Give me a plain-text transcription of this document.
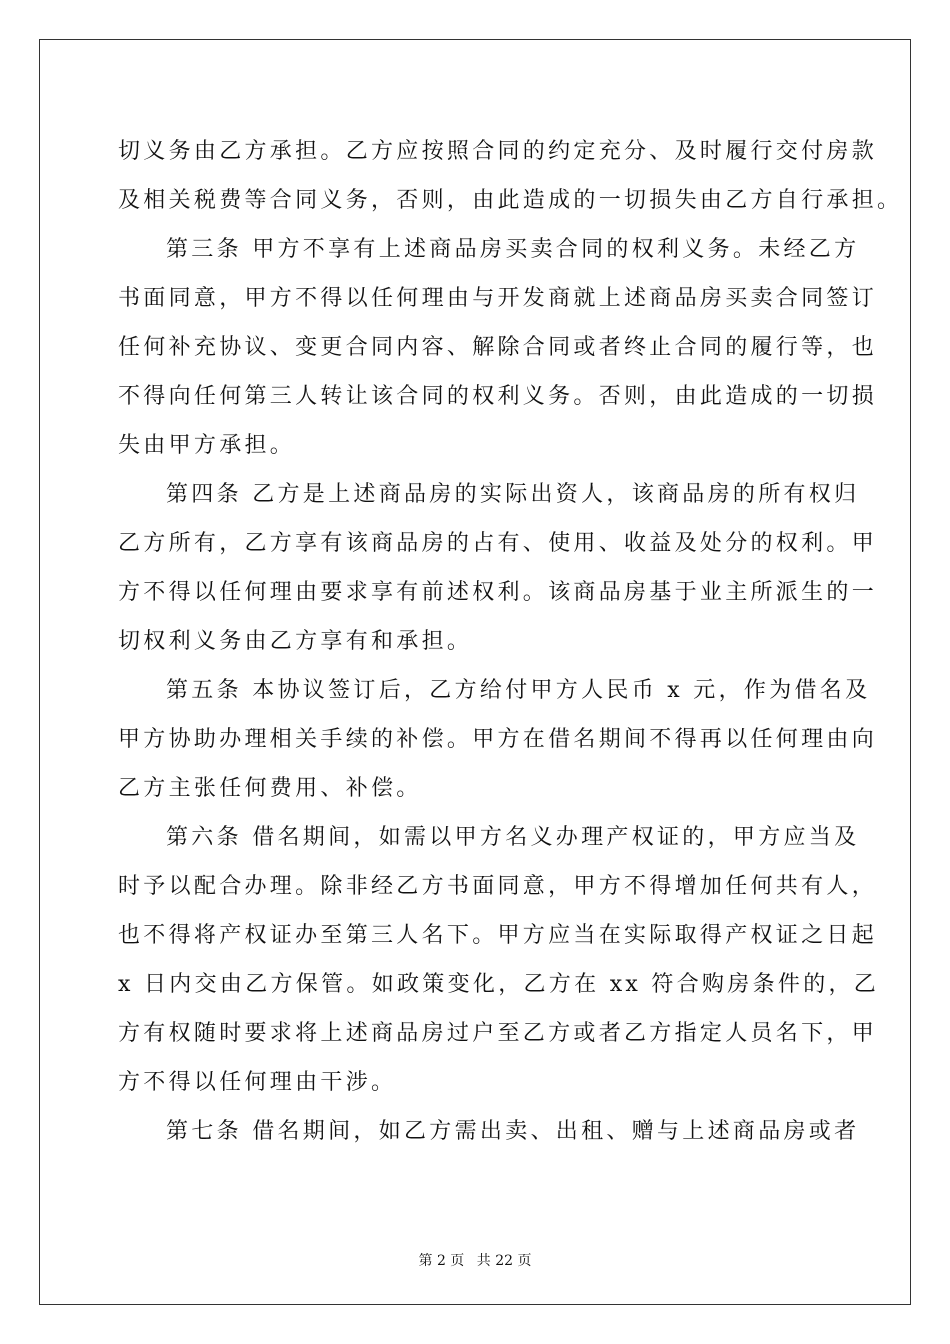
切义务由乙方承担。乙方应按照合同的约定充分、及时履行交付房款
及相关税费等合同义务，否则，由此造成的一切损失由乙方自行承担。
第三条 甲方不享有上述商品房买卖合同的权利义务。未经乙方
书面同意，甲方不得以任何理由与开发商就上述商品房买卖合同签订
任何补充协议、变更合同内容、解除合同或者终止合同的履行等，也
不得向任何第三人转让该合同的权利义务。否则，由此造成的一切损
失由甲方承担。
第四条 乙方是上述商品房的实际出资人，该商品房的所有权归
乙方所有，乙方享有该商品房的占有、使用、收益及处分的权利。甲
方不得以任何理由要求享有前述权利。该商品房基于业主所派生的一
切权利义务由乙方享有和承担。
第五条 本协议签订后，乙方给付甲方人民币 x 元，作为借名及
甲方协助办理相关手续的补偿。甲方在借名期间不得再以任何理由向
乙方主张任何费用、补偿。
第六条 借名期间，如需以甲方名义办理产权证的，甲方应当及
时予以配合办理。除非经乙方书面同意，甲方不得增加任何共有人，
也不得将产权证办至第三人名下。甲方应当在实际取得产权证之日起
x 日内交由乙方保管。如政策变化，乙方在 xx 符合购房条件的，乙
方有权随时要求将上述商品房过户至乙方或者乙方指定人员名下，甲
方不得以任何理由干涉。
第七条 借名期间，如乙方需出卖、出租、赠与上述商品房或者
第 2 页 共 22 页
